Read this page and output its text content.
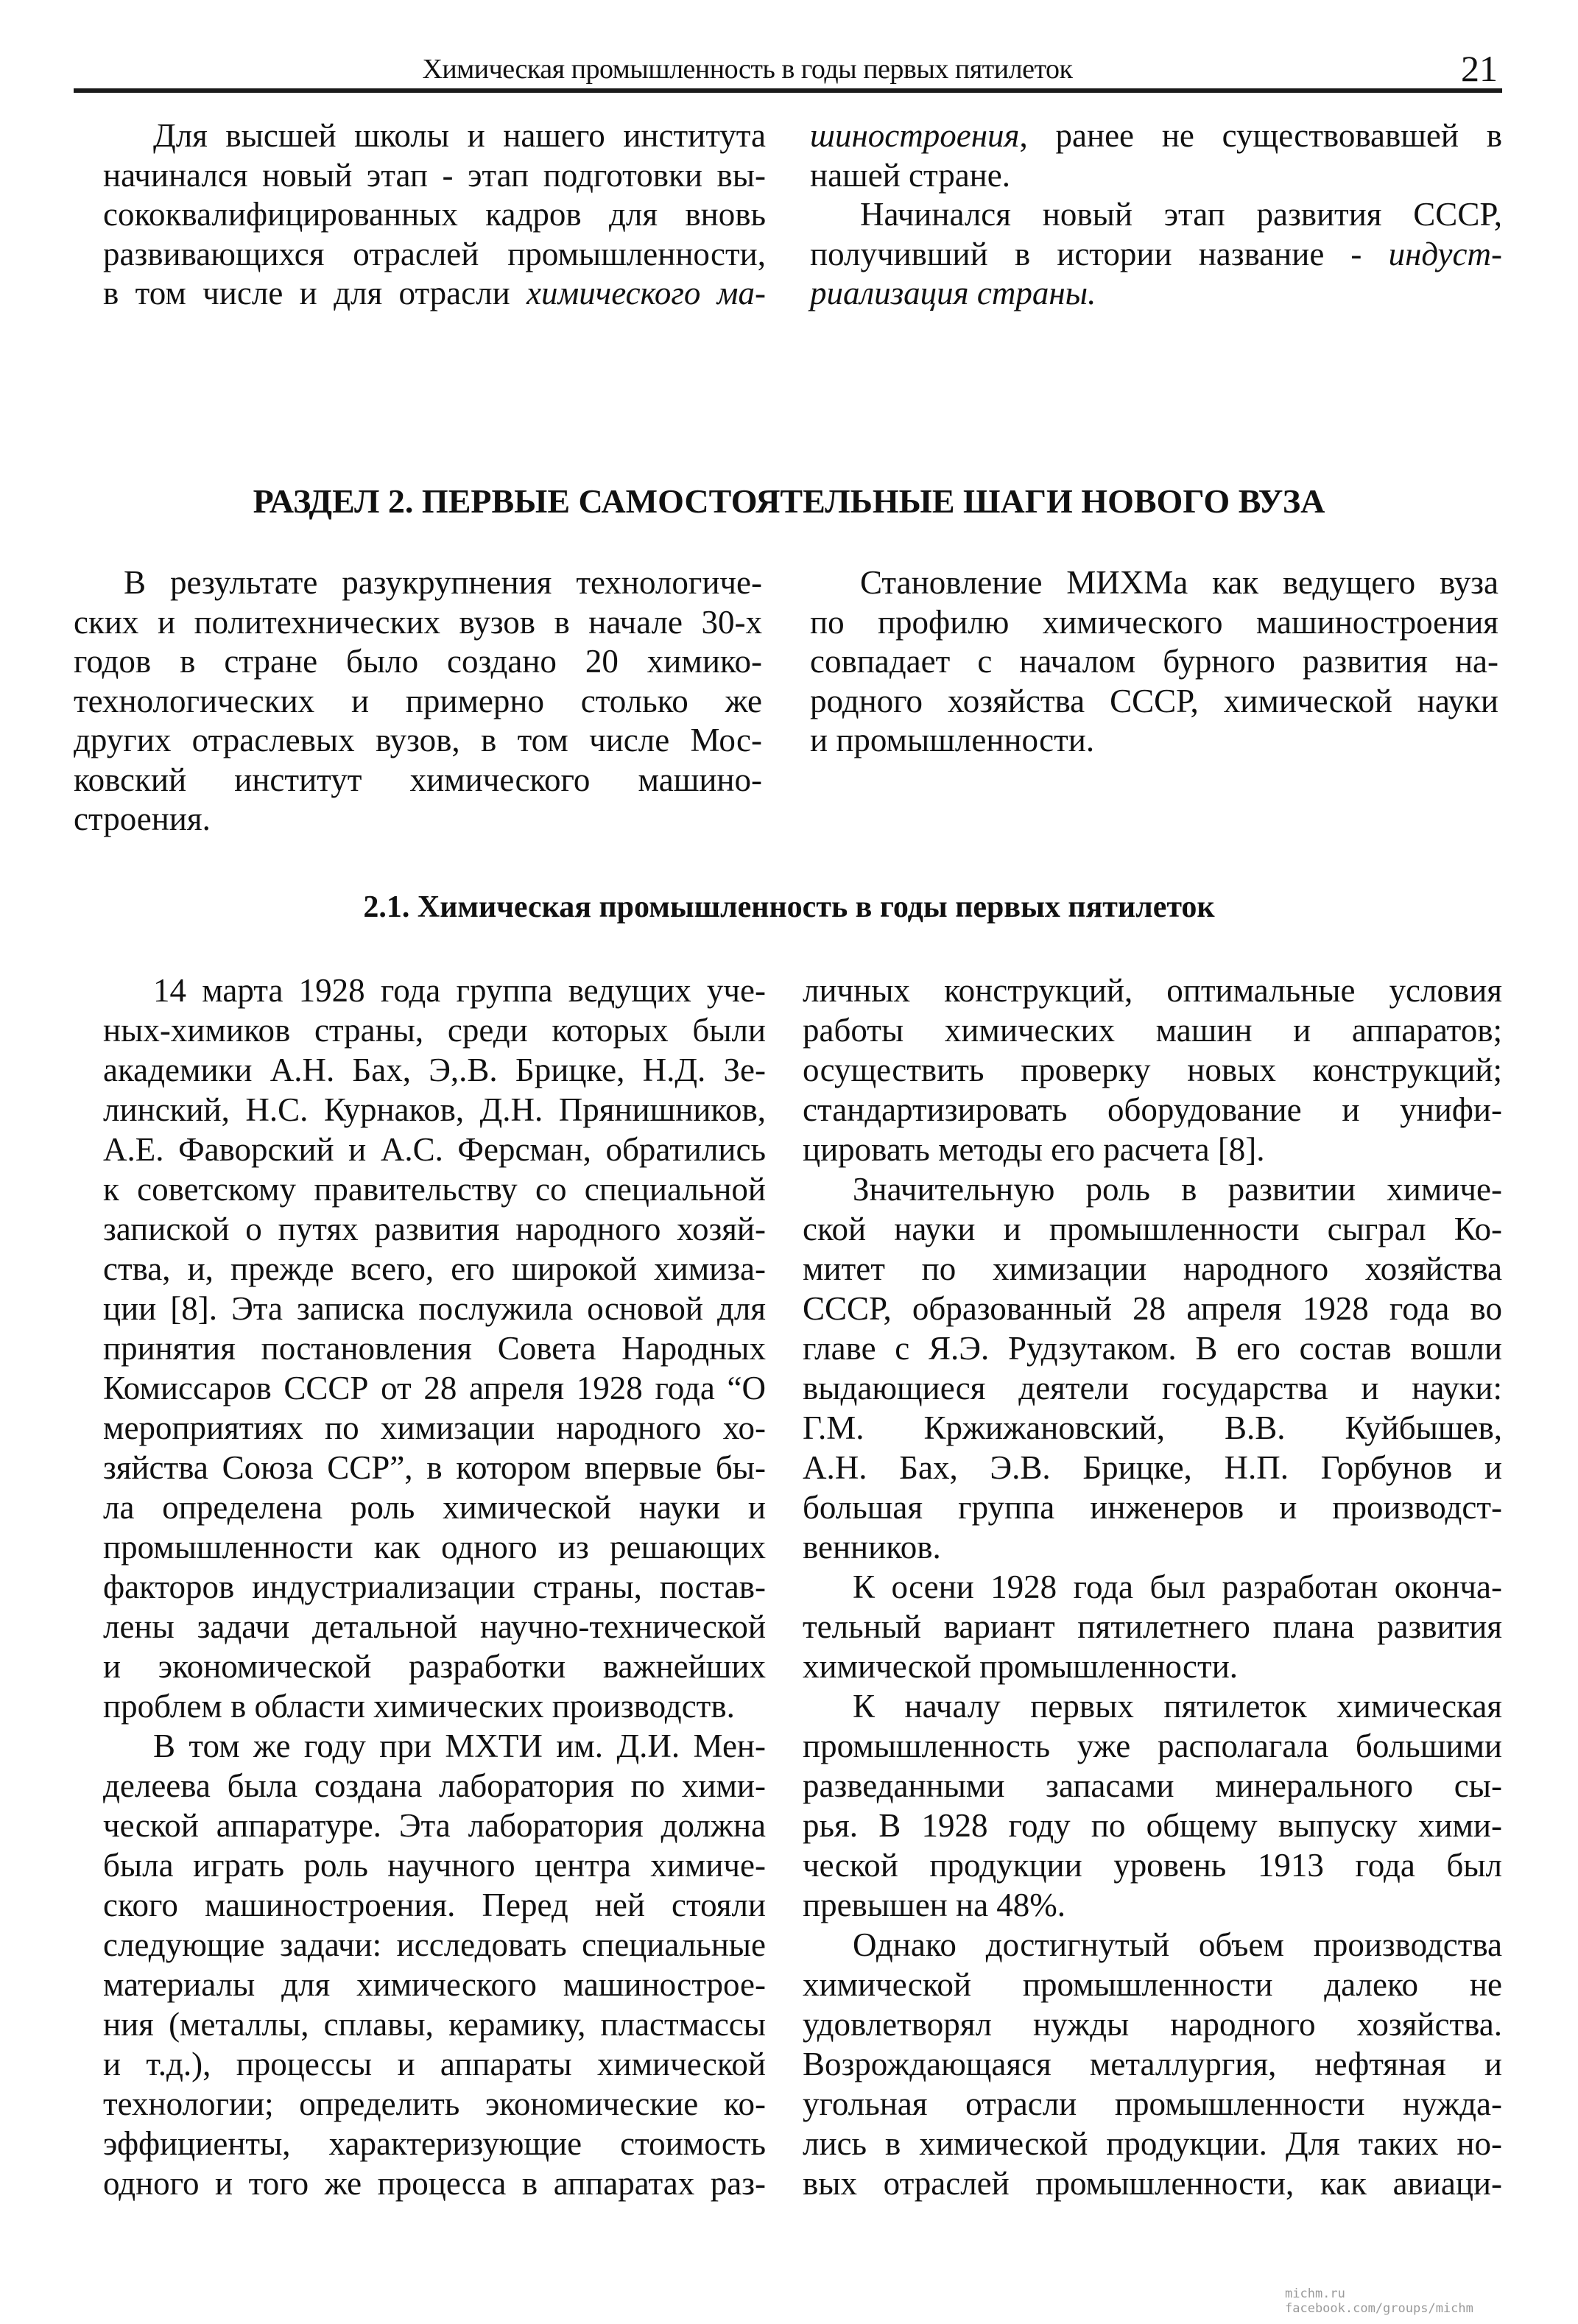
Химическая промышленность в годы первых пятилеток	21

Для высшей школы и нашего института
начинался новый этап - этап подготовки вы-
сококвалифицированных кадров для вновь
развивающихся отраслей промышленности,
в том числе и для отрасли химического ма-

шиностроения, ранее не существовавшей в
нашей стране.

Начинался новый этап развития СССР,
получивший в истории название - индуст-
риализация страны.

РАЗДЕЛ 2. ПЕРВЫЕ САМОСТОЯТЕЛЬНЫЕ ШАГИ НОВОГО ВУЗА

В результате разукрупнения технологиче-
ских и политехнических вузов в начале 30-х
годов в стране было создано 20 химико-
технологических и примерно столько же
других отраслевых вузов, в том числе Мос-
ковский институт химического машино-
строения.

Становление МИХМа как ведущего вуза
по профилю химического машиностроения
совпадает с началом бурного развития на-
родного хозяйства СССР, химической науки
и промышленности.

2.1. Химическая промышленность в годы первых пятилеток

14 марта 1928 года группа ведущих уче-
ных-химиков страны, среди которых были
академики А.Н. Бах, Э,.В. Брицке, Н.Д. Зе-
линский, Н.С. Курнаков, Д.Н. Прянишников,
А.Е. Фаворский и А.С. Ферсман, обратились
к советскому правительству со специальной
запиской о путях развития народного хозяй-
ства, и, прежде всего, его широкой химиза-
ции [8]. Эта записка послужила основой для
принятия постановления Совета Народных
Комиссаров СССР от 28 апреля 1928 года “О
мероприятиях по химизации народного хо-
зяйства Союза ССР”, в котором впервые бы-
ла определена роль химической науки и
промышленности как одного из решающих
факторов индустриализации страны, постав-
лены задачи детальной научно-технической
и экономической разработки важнейших
проблем в области химических производств.

В том же году при МХТИ им. Д.И. Мен-
делеева была создана лаборатория по хими-
ческой аппаратуре. Эта лаборатория должна
была играть роль научного центра химиче-
ского машиностроения. Перед ней стояли
следующие задачи: исследовать специальные
материалы для химического машинострое-
ния (металлы, сплавы, керамику, пластмассы
и т.д.), процессы и аппараты химической
технологии; определить экономические ко-
эффициенты, характеризующие стоимость
одного и того же процесса в аппаратах раз-

личных конструкций, оптимальные условия
работы химических машин и аппаратов;
осуществить проверку новых конструкций;
стандартизировать оборудование и унифи-
цировать методы его расчета [8].

Значительную роль в развитии химиче-
ской науки и промышленности сыграл Ко-
митет по химизации народного хозяйства
СССР, образованный 28 апреля 1928 года во
главе с Я.Э. Рудзутаком. В его состав вошли
выдающиеся деятели государства и науки:
Г.М. Кржижановский, В.В. Куйбышев,
А.Н. Бах, Э.В. Брицке, Н.П. Горбунов и
большая группа инженеров и производст-
венников.

К осени 1928 года был разработан оконча-
тельный вариант пятилетнего плана развития
химической промышленности.

К началу первых пятилеток химическая
промышленность уже располагала большими
разведанными запасами минерального сы-
рья. В 1928 году по общему выпуску хими-
ческой продукции уровень 1913 года был
превышен на 48%.

Однако достигнутый объем производства
химической промышленности далеко не
удовлетворял нужды народного хозяйства.
Возрождающаяся металлургия, нефтяная и
угольная отрасли промышленности нужда-
лись в химической продукции. Для таких но-
вых отраслей промышленности, как авиаци-

michm.ru
facebook.com/groups/michm
